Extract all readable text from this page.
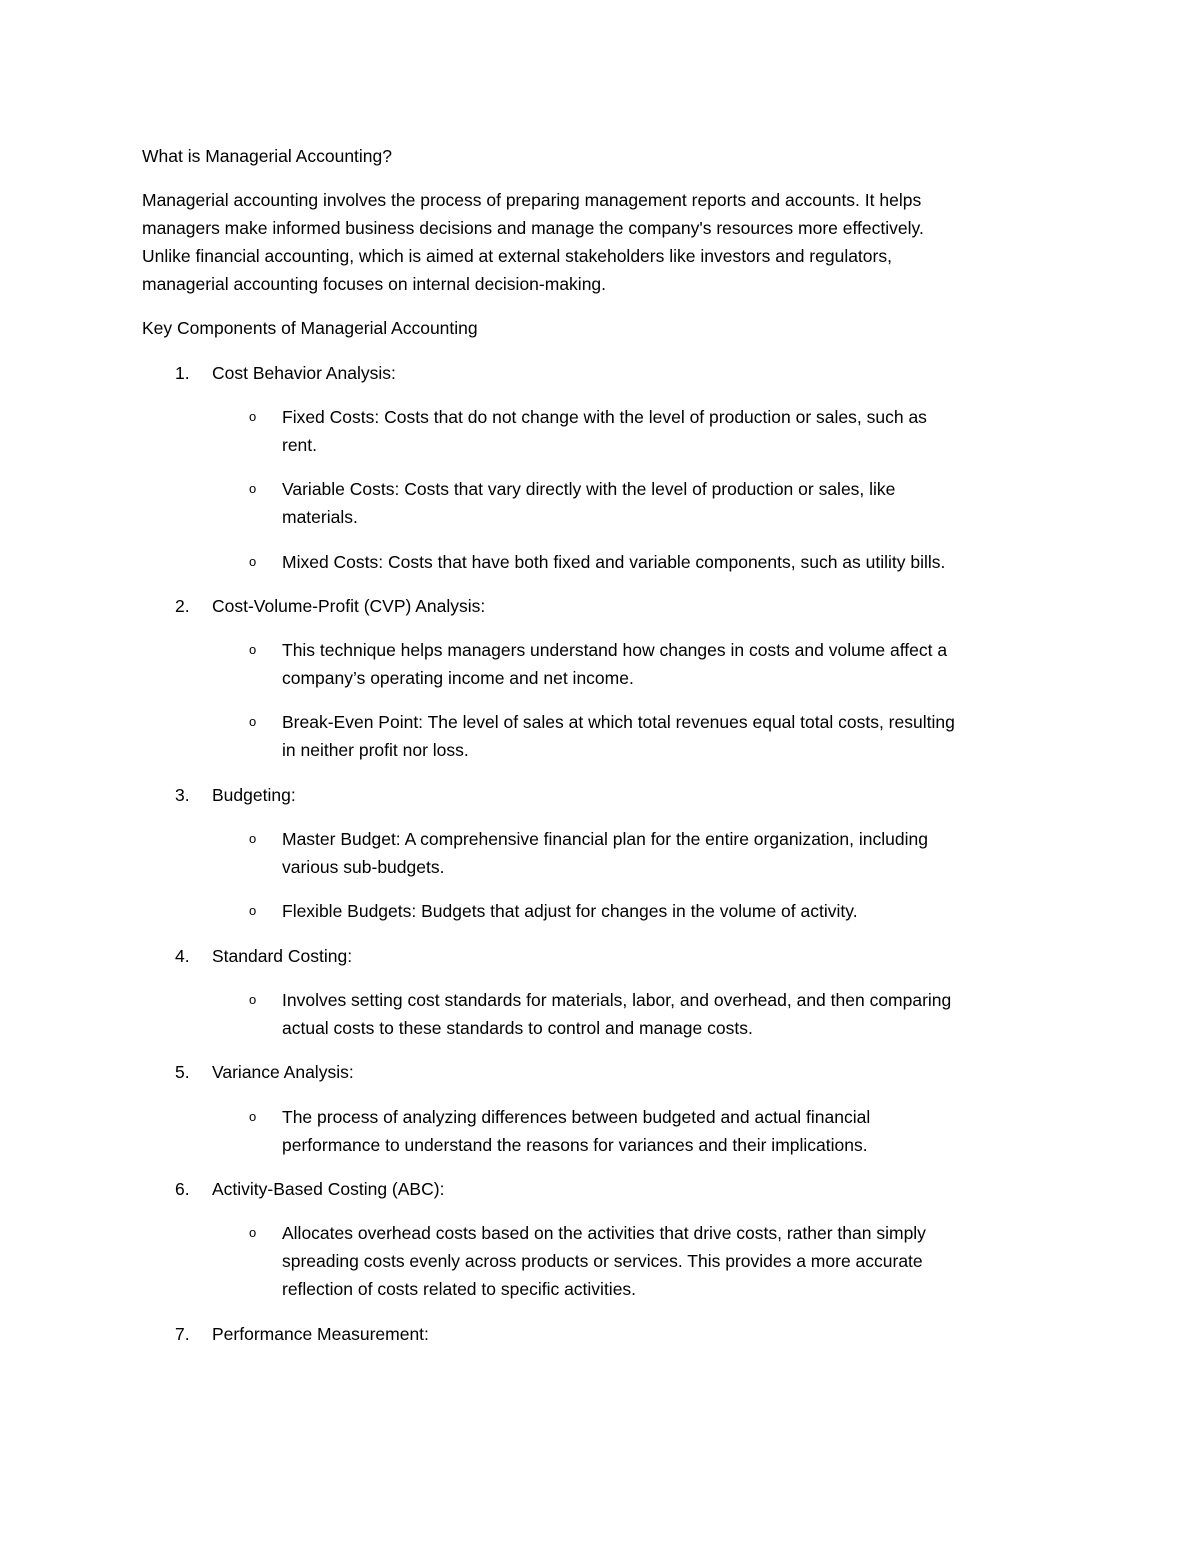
What is Managerial Accounting?
Managerial accounting involves the process of preparing management reports and accounts. It helps
managers make informed business decisions and manage the company's resources more effectively.
Unlike financial accounting, which is aimed at external stakeholders like investors and regulators,
managerial accounting focuses on internal decision-making.
Key Components of Managerial Accounting
1. Cost Behavior Analysis:
o Fixed Costs: Costs that do not change with the level of production or sales, such as
rent.
o Variable Costs: Costs that vary directly with the level of production or sales, like
materials.
o Mixed Costs: Costs that have both fixed and variable components, such as utility bills.
2. Cost-Volume-Profit (CVP) Analysis:
o This technique helps managers understand how changes in costs and volume affect a
company’s operating income and net income.
o Break-Even Point: The level of sales at which total revenues equal total costs, resulting
in neither profit nor loss.
3. Budgeting:
o Master Budget: A comprehensive financial plan for the entire organization, including
various sub-budgets.
o Flexible Budgets: Budgets that adjust for changes in the volume of activity.
4. Standard Costing:
o Involves setting cost standards for materials, labor, and overhead, and then comparing
actual costs to these standards to control and manage costs.
5. Variance Analysis:
o The process of analyzing differences between budgeted and actual financial
performance to understand the reasons for variances and their implications.
6. Activity-Based Costing (ABC):
o Allocates overhead costs based on the activities that drive costs, rather than simply
spreading costs evenly across products or services. This provides a more accurate
reflection of costs related to specific activities.
7. Performance Measurement:
